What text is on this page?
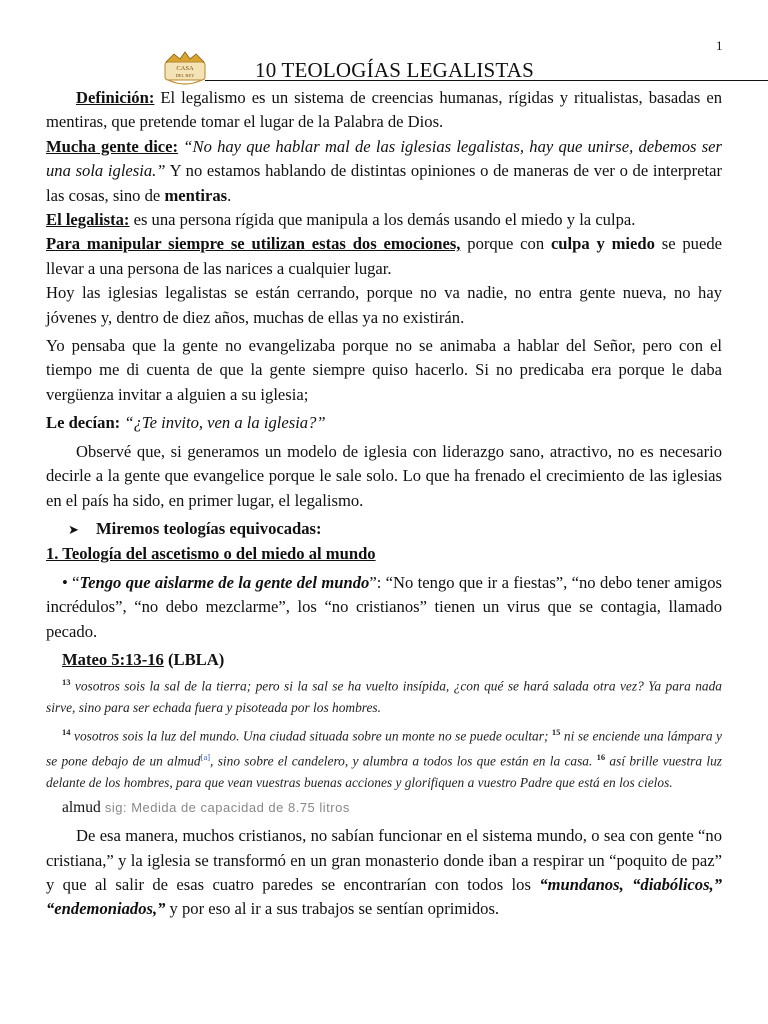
1
CASA
DEL REY	10 TEOLOGÍAS LEGALISTAS

Definición: El legalismo es un sistema de creencias humanas, rígidas y ritualistas, basadas en mentiras, que pretende tomar el lugar de la Palabra de Dios.

Mucha gente dice: “No hay que hablar mal de las iglesias legalistas, hay que unirse, debemos ser una sola iglesia.” Y no estamos hablando de distintas opiniones o de maneras de ver o de interpretar las cosas, sino de mentiras.

El legalista: es una persona rígida que manipula a los demás usando el miedo y la culpa.

Para manipular siempre se utilizan estas dos emociones, porque con culpa y miedo se puede llevar a una persona de las narices a cualquier lugar.

Hoy las iglesias legalistas se están cerrando, porque no va nadie, no entra gente nueva, no hay jóvenes y, dentro de diez años, muchas de ellas ya no existirán.

Yo pensaba que la gente no evangelizaba porque no se animaba a hablar del Señor, pero con el tiempo me di cuenta de que la gente siempre quiso hacerlo. Si no predicaba era porque le daba vergüenza invitar a alguien a su iglesia;

Le decían: “¿Te invito, ven a la iglesia?”

Observé que, si generamos un modelo de iglesia con liderazgo sano, atractivo, no es necesario decirle a la gente que evangelice porque le sale solo. Lo que ha frenado el crecimiento de las iglesias en el país ha sido, en primer lugar, el legalismo.

➤ Miremos teologías equivocadas:

1. Teología del ascetismo o del miedo al mundo

• “Tengo que aislarme de la gente del mundo”: “No tengo que ir a fiestas”, “no debo tener amigos incrédulos”, “no debo mezclarme”, los “no cristianos” tienen un virus que se contagia, llamado pecado.

Mateo 5:13-16 (LBLA)

$^{13}$ vosotros sois la sal de la tierra; pero si la sal se ha vuelto insípida, ¿con qué se hará salada otra vez? Ya para nada sirve, sino para ser echada fuera y pisoteada por los hombres.
$^{14}$ vosotros sois la luz del mundo. Una ciudad situada sobre un monte no se puede ocultar; $^{15}$ ni se enciende una lámpara y se pone debajo de un almud[a], sino sobre el candelero, y alumbra a todos los que están en la casa. $^{16}$ así brille vuestra luz delante de los hombres, para que vean vuestras buenas acciones y glorifiquen a vuestro Padre que está en los cielos.

almud sig: Medida de capacidad de 8.75 litros

De esa manera, muchos cristianos, no sabían funcionar en el sistema mundo, o sea con gente “no cristiana,” y la iglesia se transformó en un gran monasterio donde iban a respirar un “poquito de paz” y que al salir de esas cuatro paredes se encontrarían con todos los “mundanos, “diabólicos,” “endemoniados,” y por eso al ir a sus trabajos se sentían oprimidos.
